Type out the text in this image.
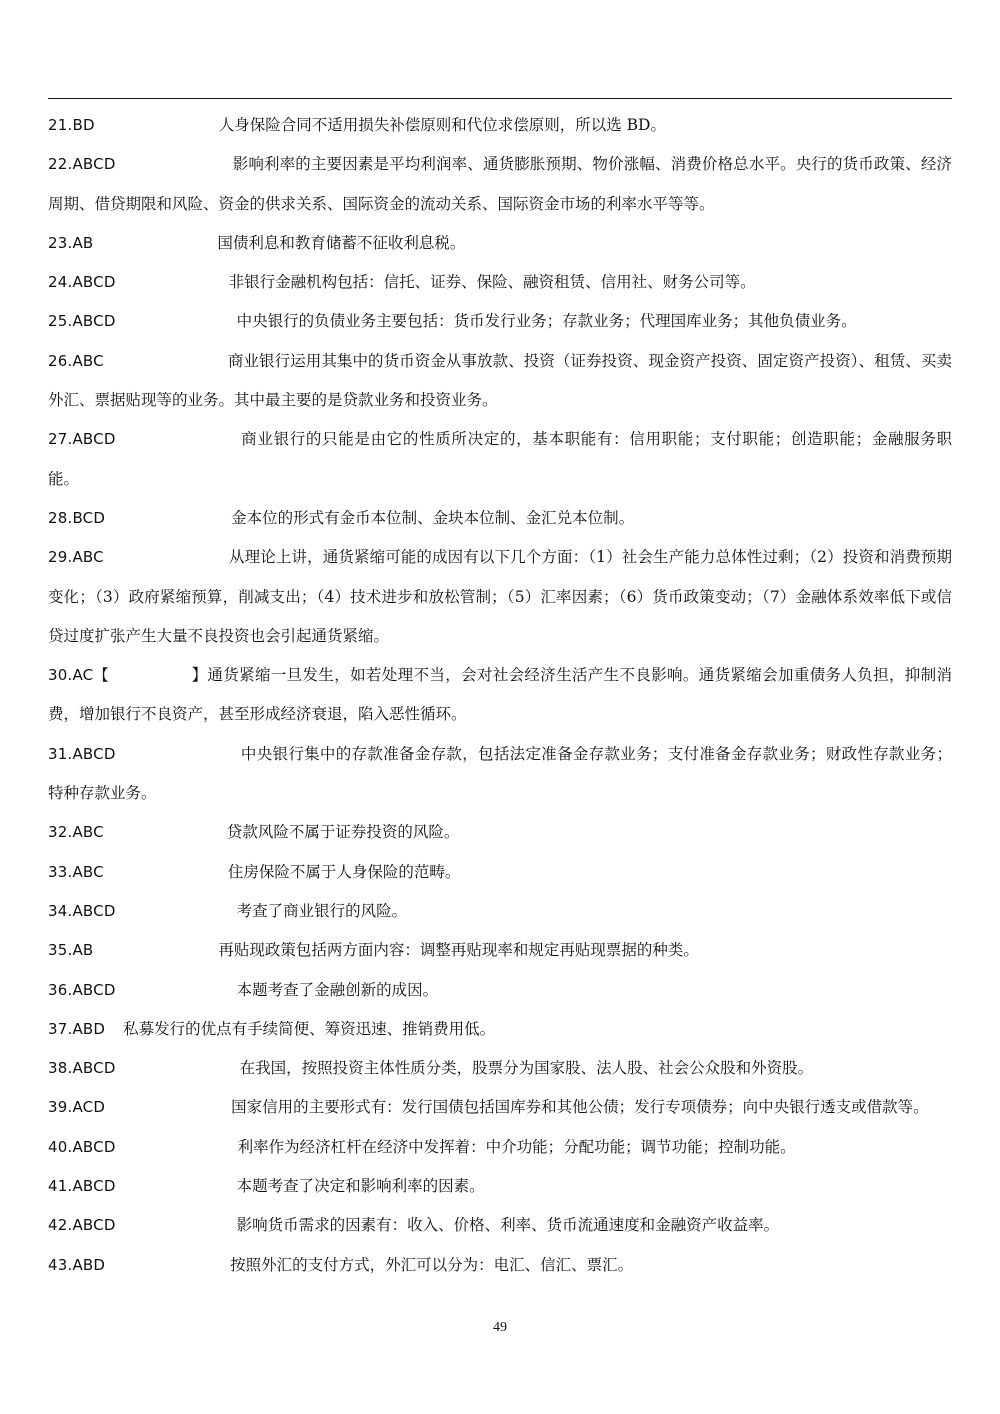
21.BD	人身保险合同不适用损失补偿原则和代位求偿原则，所以选 BD。
22.ABCD	影响利率的主要因素是平均利润率、通货膨胀预期、物价涨幅、消费价格总水平。央行的货币政策、经济周期、借贷期限和风险、资金的供求关系、国际资金的流动关系、国际资金市场的利率水平等等。
23.AB	国债利息和教育储蓄不征收利息税。
24.ABCD	非银行金融机构包括：信托、证券、保险、融资租赁、信用社、财务公司等。
25.ABCD	中央银行的负债业务主要包括：货币发行业务；存款业务；代理国库业务；其他负债业务。
26.ABC	商业银行运用其集中的货币资金从事放款、投资（证券投资、现金资产投资、固定资产投资）、租赁、买卖外汇、票据贴现等的业务。其中最主要的是贷款业务和投资业务。
27.ABCD	商业银行的只能是由它的性质所决定的，基本职能有：信用职能；支付职能；创造职能；金融服务职能。
28.BCD	金本位的形式有金币本位制、金块本位制、金汇兑本位制。
29.ABC	从理论上讲，通货紧缩可能的成因有以下几个方面：（1）社会生产能力总体性过剩；（2）投资和消费预期变化；（3）政府紧缩预算，削减支出；（4）技术进步和放松管制；（5）汇率因素；（6）货币政策变动；（7）金融体系效率低下或信贷过度扩张产生大量不良投资也会引起通货紧缩。
30.AC【	】通货紧缩一旦发生，如若处理不当，会对社会经济生活产生不良影响。通货紧缩会加重债务人负担，抑制消费，增加银行不良资产，甚至形成经济衰退，陷入恶性循环。
31.ABCD	中央银行集中的存款准备金存款，包括法定准备金存款业务；支付准备金存款业务；财政性存款业务；特种存款业务。
32.ABC	贷款风险不属于证券投资的风险。
33.ABC	住房保险不属于人身保险的范畴。
34.ABCD	考查了商业银行的风险。
35.AB	再贴现政策包括两方面内容：调整再贴现率和规定再贴现票据的种类。
36.ABCD	本题考查了金融创新的成因。
37.ABD 私募发行的优点有手续简便、筹资迅速、推销费用低。
38.ABCD	在我国，按照投资主体性质分类，股票分为国家股、法人股、社会公众股和外资股。
39.ACD	国家信用的主要形式有：发行国债包括国库券和其他公债；发行专项债券；向中央银行透支或借款等。
40.ABCD	利率作为经济杠杆在经济中发挥着：中介功能；分配功能；调节功能；控制功能。
41.ABCD	本题考查了决定和影响利率的因素。
42.ABCD	影响货币需求的因素有：收入、价格、利率、货币流通速度和金融资产收益率。
43.ABD	按照外汇的支付方式，外汇可以分为：电汇、信汇、票汇。
49
